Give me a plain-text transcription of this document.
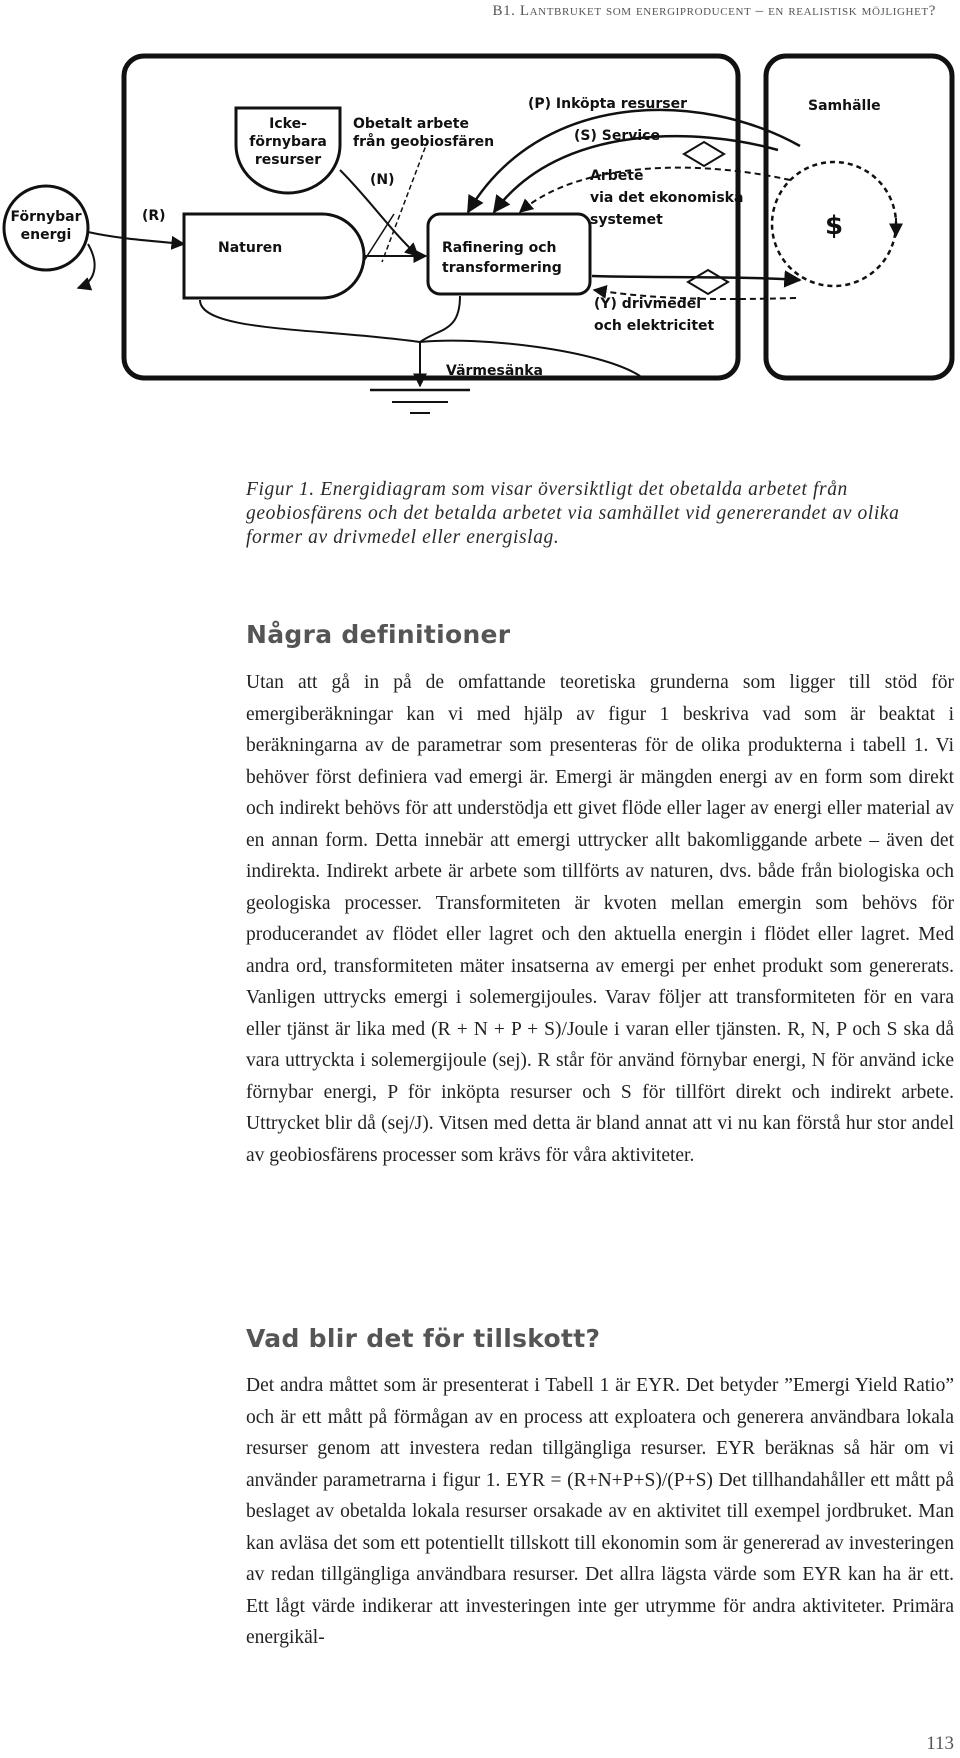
B1. Lantbruket som energiproducent – en realistisk möjlighet?
Förnybar
energi
(R)
Icke-
förnybara
resurser
Obetalt arbete
från geobiosfären
(N)
Naturen	Rafinering och
transformering
(P) Inköpta resurser
(S) Service
Arbete
via det ekonomiska
systemet
(Y) drivmedel
och elektricitet
Samhälle
$
Värmesänka
Figur 1. Energidiagram som visar översiktligt det obetalda arbetet från geobiosfärens och det betalda arbetet via samhället vid genererandet av olika former av drivmedel eller energislag.
Några definitioner

Utan att gå in på de omfattande teoretiska grunderna som ligger till stöd för emergiberäkningar kan vi med hjälp av figur 1 beskriva vad som är beaktat i beräkningarna av de parametrar som presenteras för de olika produkterna i tabell 1. Vi behöver först definiera vad emergi är. Emergi är mängden energi av en form som direkt och indirekt behövs för att understödja ett givet flöde eller lager av energi eller material av en annan form. Detta innebär att emergi uttrycker allt bakomliggande arbete – även det indirekta. Indirekt arbete är arbete som tillförts av naturen, dvs. både från biologiska och geologiska processer. Transformiteten är kvoten mellan emergin som behövs för producerandet av flödet eller lagret och den aktuella energin i flödet eller lagret. Med andra ord, transformiteten mäter insatserna av emergi per enhet produkt som genererats. Vanligen uttrycks emergi i solemergijoules. Varav följer att transformiteten för en vara eller tjänst är lika med (R + N + P + S)/Joule i varan eller tjänsten. R, N, P och S ska då vara uttryckta i solemergijoule (sej). R står för använd förnybar energi, N för använd icke förnybar energi, P för inköpta resurser och S för tillfört direkt och indirekt arbete. Uttrycket blir då (sej/J). Vitsen med detta är bland annat att vi nu kan förstå hur stor andel av geobiosfärens processer som krävs för våra aktiviteter.

Vad blir det för tillskott?

Det andra måttet som är presenterat i Tabell 1 är EYR. Det betyder ”Emergi Yield Ratio” och är ett mått på förmågan av en process att exploatera och generera användbara lokala resurser genom att investera redan tillgängliga resurser. EYR beräknas så här om vi använder parametrarna i figur 1. EYR = (R+N+P+S)/(P+S) Det tillhandahåller ett mått på beslaget av obetalda lokala resurser orsakade av en aktivitet till exempel jordbruket. Man kan avläsa det som ett potentiellt tillskott till ekonomin som är genererad av investeringen av redan tillgängliga användbara resurser. Det allra lägsta värde som EYR kan ha är ett. Ett lågt värde indikerar att investeringen inte ger utrymme för andra aktiviteter. Primära energikäl-

113
